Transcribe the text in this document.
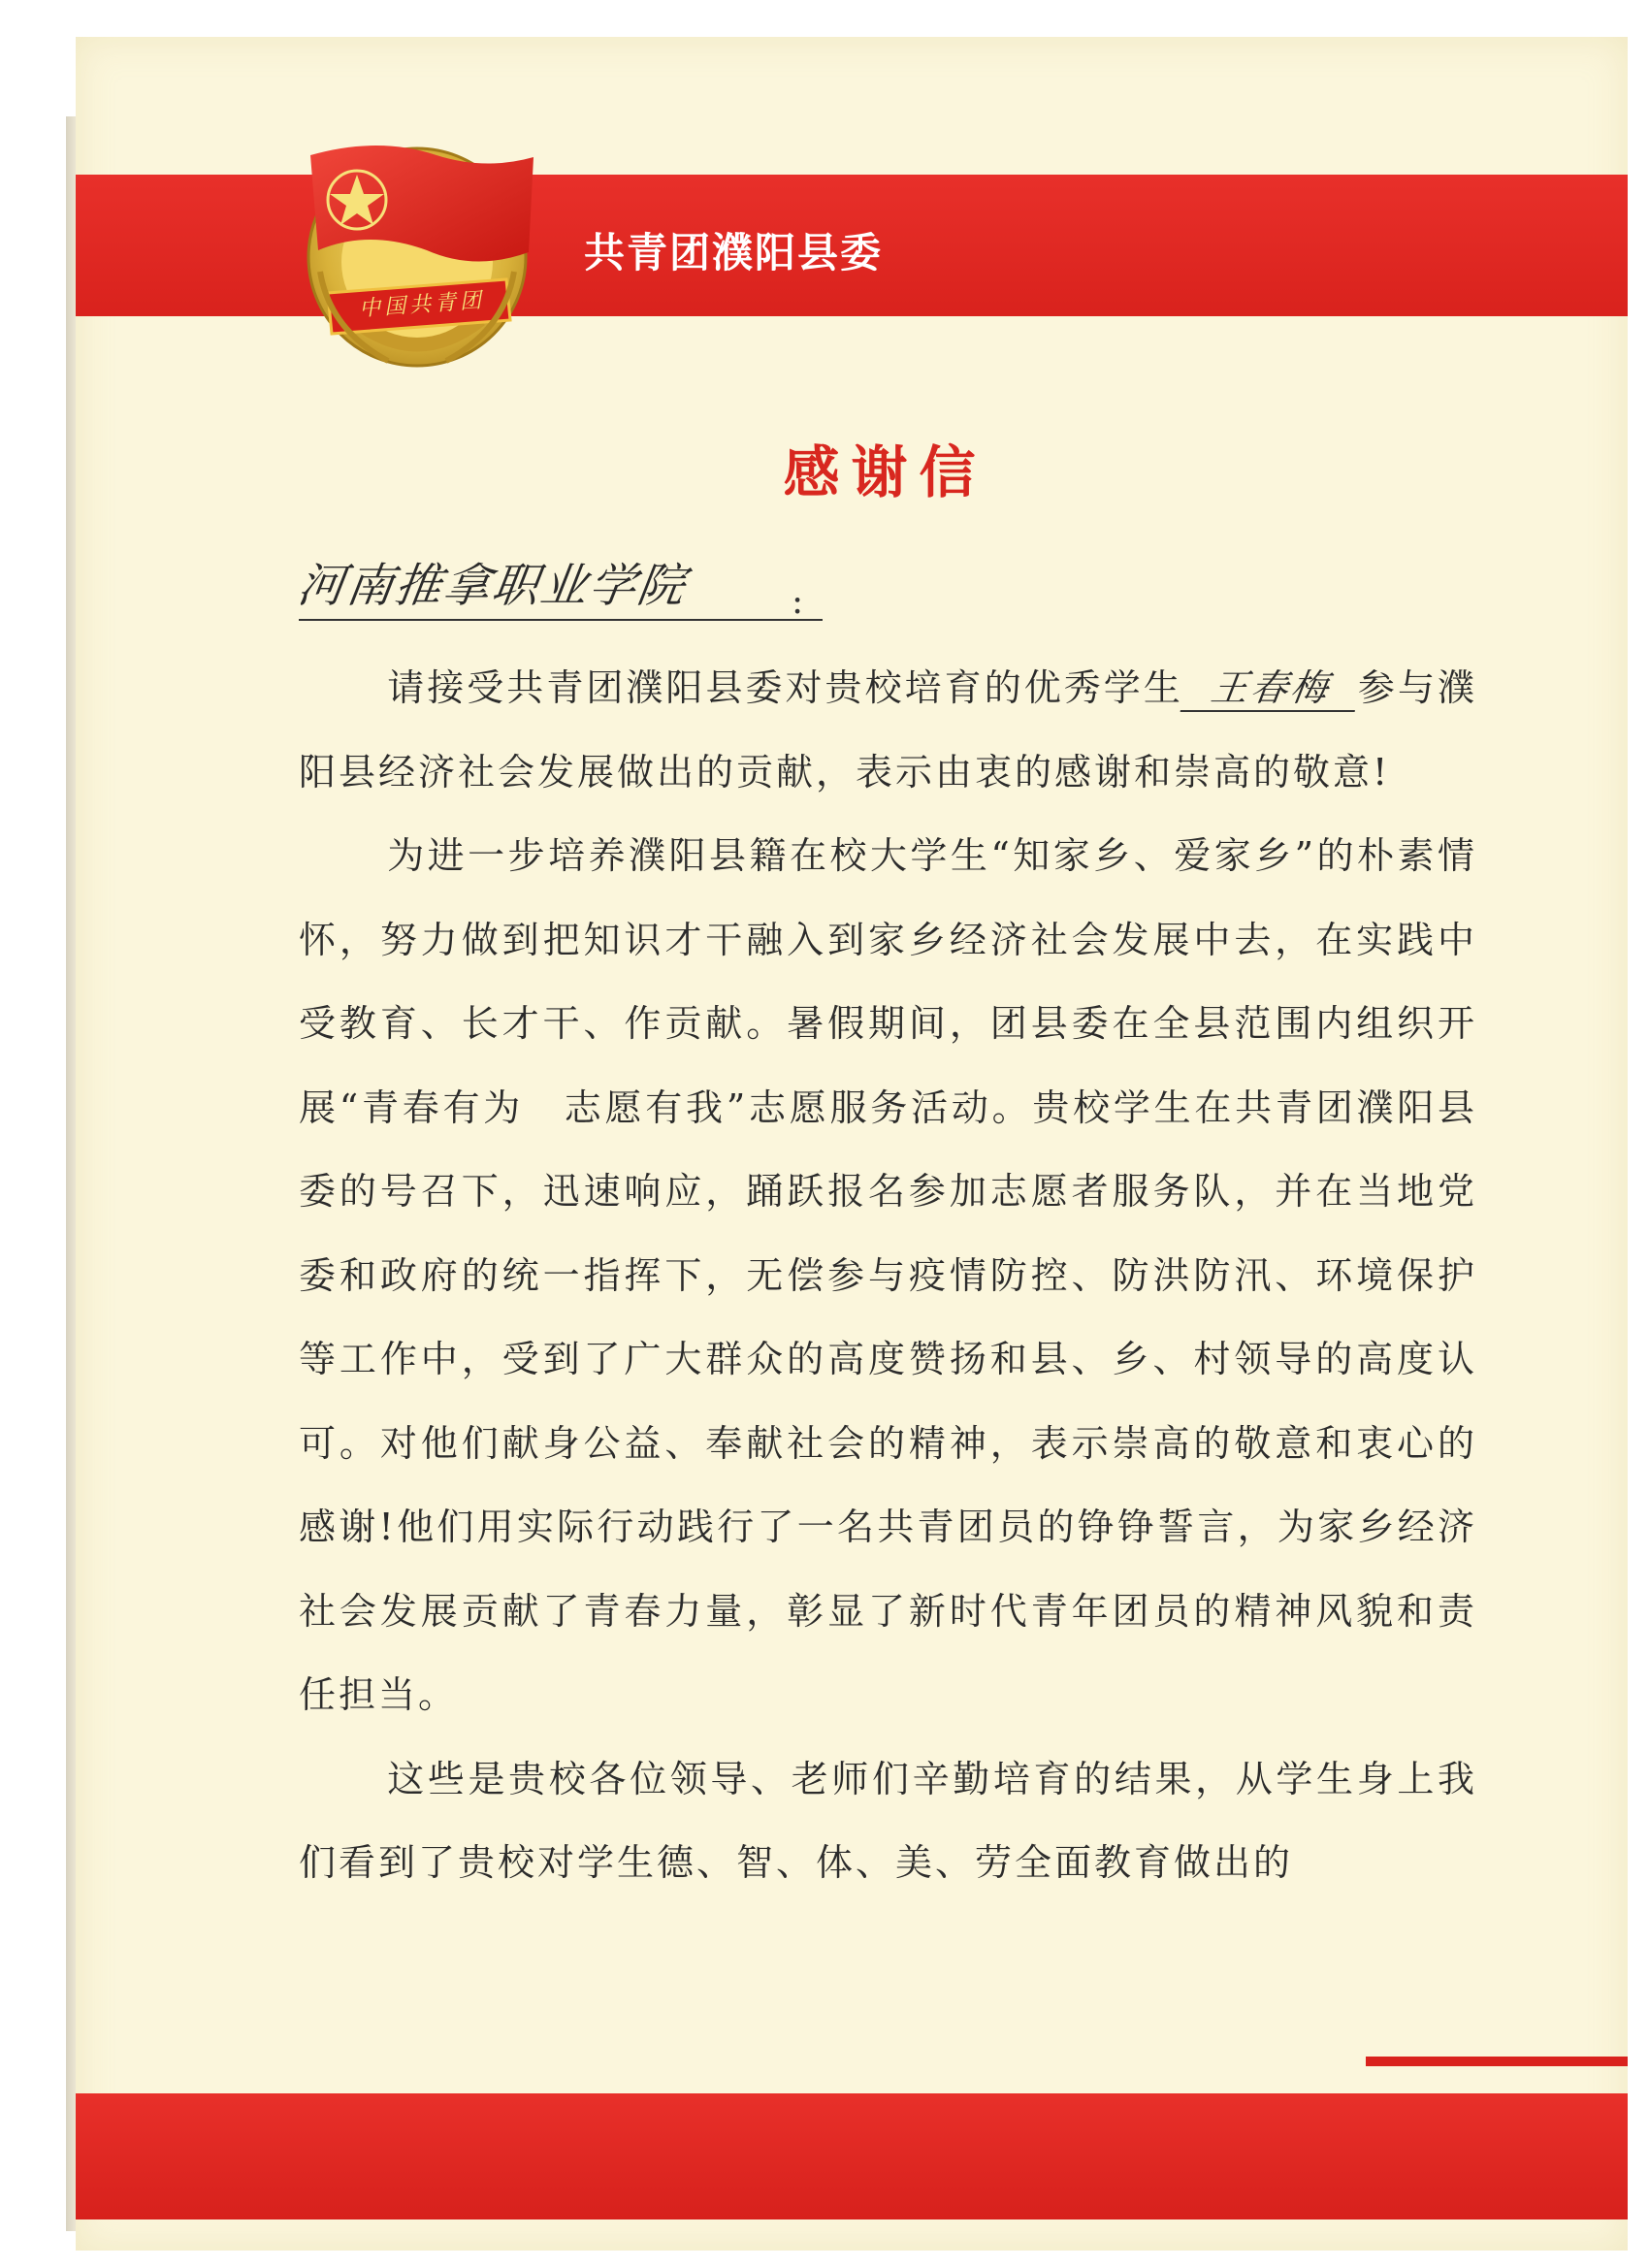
中国共青团
共青团濮阳县委
感谢信
河南推拿职业学院	:

请接受共青团濮阳县委对贵校培育的优秀学生 王春梅 参与濮阳县经济社会发展做出的贡献，表示由衷的感谢和崇高的敬意!

为进一步培养濮阳县籍在校大学生“知家乡、爱家乡”的朴素情怀，努力做到把知识才干融入到家乡经济社会发展中去，在实践中受教育、长才干、作贡献。暑假期间，团县委在全县范围内组织开展“青春有为　志愿有我”志愿服务活动。贵校学生在共青团濮阳县委的号召下，迅速响应，踊跃报名参加志愿者服务队，并在当地党委和政府的统一指挥下，无偿参与疫情防控、防洪防汛、环境保护等工作中，受到了广大群众的高度赞扬和县、乡、村领导的高度认可。对他们献身公益、奉献社会的精神，表示崇高的敬意和衷心的感谢!他们用实际行动践行了一名共青团员的铮铮誓言，为家乡经济社会发展贡献了青春力量，彰显了新时代青年团员的精神风貌和责任担当。

这些是贵校各位领导、老师们辛勤培育的结果，从学生身上我们看到了贵校对学生德、智、体、美、劳全面教育做出的
